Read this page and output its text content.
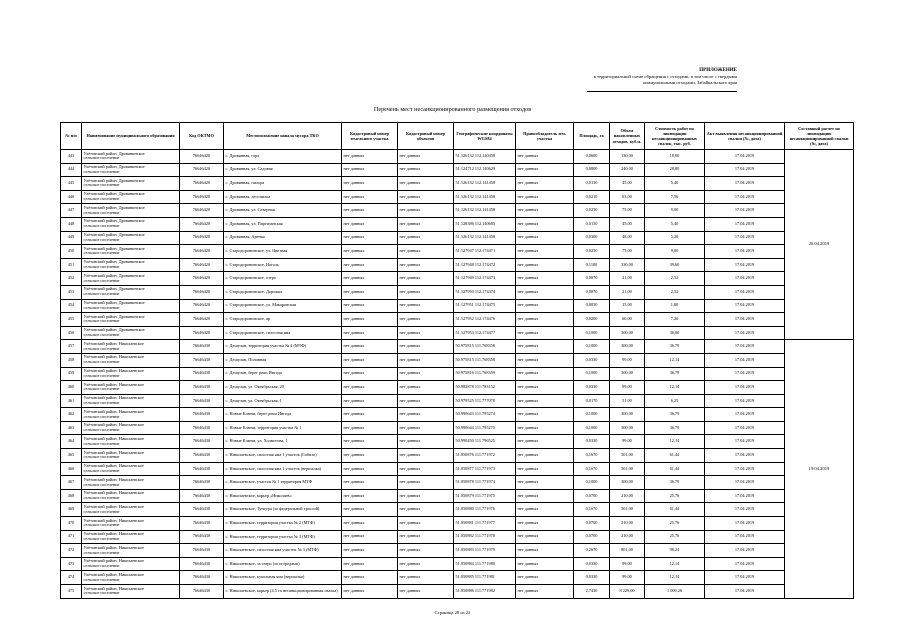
ПРИЛОЖЕНИЕ
к территориальной схеме обращения с отходами, в том числе с твердыми
коммунальными отходами, Забайкальского края
Перечень мест несанкционированного размещения отходов
№ п/п	Наименование муниципального образования	Код ОКТМО	Местоположение навала мусора ТКО	Кадастровый номер земельного участка	Кадастровый номер объектов	Географические координаты WGS84	Правообладатель зем. участка	Площадь, га	Объем накопленных отходов, куб.м.	Стоимость работ по ликвидации несанкционированных свалок, тыс. руб.	Акт выявления несанкционированной свалки (№, дата)	Составный расчет на ликвидацию несанкционированной свалки (№, дата)
443	Улётовский район, Дровянинское
сельское поселение	76646420	с. Дровянная, гора	нет данных	нет данных	51.126132 112.140458	нет данных	0,0600	130,00	18,00	17.04.2019	26.04.2019
444	Улётовский район, Дровянинское
сельское поселение	76646420	с. Дровянная, ул. Садовая	нет данных	нет данных	51.124712 112.140629	нет данных	0,0800	240,00	28,80	17.04.2019	
445	Улётовский район, Дровянинское
сельское поселение	76646420	с. Дровянная, пилора	нет данных	нет данных	51.126132 112.141458	нет данных	0,0150	45,00	5,40	17.04.2019	
446	Улётовский район, Дровянинское
сельское поселение	76646420	с. Дровянная, лесопилка	нет данных	нет данных	51.126132 112.141458	нет данных	0,0210	63,00	7,56	17.04.2019	
447	Улётовский район, Дровянинское
сельское поселение	76646420	с. Дровянная, ул. Северная	нет данных	нет данных	51.126132 112.141458	нет данных	0,0250	75,00	9,00	17.04.2019	
448	Улётовский район, Дровянинское
сельское поселение	76646420	с. Дровянная, ул. Партизанская	нет данных	нет данных	51.128386 112.140685	нет данных	0,0150	45,00	5,40	17.04.2019	
449	Улётовский район, Дровянинское
сельское поселение	76646420	с. Дровянная, Аренка	нет данных	нет данных	51.126132 112.141458	нет данных	0,0300	48,00	5,20	17.04.2019	
450	Улётовский район, Дровянинское
сельское поселение	76646420	с. Стародоронинское, ул. Цветная	нет данных	нет данных	51.127947 112.174471	нет данных	0,0250	75,00	9,00	17.04.2019	
451	Улётовский район, Дровянинское
сельское поселение	76646420	с. Стародоронинское, Наголь	нет данных	нет данных	51.127948 112.174472	нет данных	0,1100	330,00	39,60	17.04.2019	
452	Улётовский район, Дровянинское
сельское поселение	76646420	с. Стародоронинское, озеро	нет данных	нет данных	51.127949 112.174473	нет данных	0,0070	21,00	2,52	17.04.2019	
453	Улётовский район, Дровянинское
сельское поселение	76646420	с. Стародоронинское, Дорожка	нет данных	нет данных	51.127950 112.174474	нет данных	0,0070	21,00	2,52	17.04.2019	
454	Улётовский район, Дровянинское
сельское поселение	76646420	с. Стародоронинское, ул. Макаровская	нет данных	нет данных	51.127951 112.174475	нет данных	0,0050	15,00	1,80	17.04.2019	
455	Улётовский район, Дровянинское
сельское поселение	76646420	с. Стародоронинское, яр	нет данных	нет данных	51.127952 112.174476	нет данных	0,0200	60,00	7,20	17.04.2019	
456	Улётовский район, Дровянинское
сельское поселение	76646420	с. Стародоронинское, силосная яма	нет данных	нет данных	51.127953 112.174477	нет данных	0,1000	300,00	36,00	17.04.2019	
457	Улётовский район, Николаевское
сельское поселение	76646430	с. Дешулан, территория участка № 4 (МТФ)	нет данных	нет данных	50.975815 111.768358	нет данных	0,1000	300,00	36,79	17.04.2019	19.04.2019
458	Улётовский район, Николаевское
сельское поселение	76646430	с. Дешулан, Поливная	нет данных	нет данных	50.975815 111.768358	нет данных	0,0330	99,00	12,14	17.04.2019	
459	Улётовский район, Николаевское
сельское поселение	76646430	с. Дешулан, берег реки Ингода	нет данных	нет данных	50.975816 111.768359	нет данных	0,1000	300,00	36,79	17.04.2019	
460	Улётовский район, Николаевское
сельское поселение	76646430	с. Дешулан, ул. Октябрьская, 20	нет данных	нет данных	50.982878 111.783152	нет данных	0,0330	99,00	12,14	17.04.2019	
461	Улётовский район, Николаевское
сельское поселение	76646430	с. Дешулан, ул. Октябрьская, 1	нет данных	нет данных	50.979525 111.777078	нет данных	0,0170	51,00	6,25	17.04.2019	
462	Улётовский район, Николаевское
сельское поселение	76646430	с. Новые Ключи, берег реки Ингода	нет данных	нет данных	50.990643 111.795274	нет данных	0,1000	300,00	36,79	17.04.2019	
463	Улётовский район, Николаевское
сельское поселение	76646430	с. Новые Ключи, территория участка № 1	нет данных	нет данных	50.990644 111.795275	нет данных	0,1000	300,00	36,79	17.04.2019	
464	Улётовский район, Николаевское
сельское поселение	76646430	с. Новые Ключи, ул. Холмогова, 1	нет данных	нет данных	50.990450 111.796525	нет данных	0,0330	99,00	12,14	17.04.2019	
465	Улётовский район, Николаевское
сельское поселение	76646430	с. Николаевское, силосная яма 1 участок (Гибизо)	нет данных	нет данных	51.050876 111.771972	нет данных	0,1670	501,00	61,44	17.04.2019	
466	Улётовский район, Николаевское
сельское поселение	76646430	с. Николаевское, силосная яма 1 участок (вершалка)	нет данных	нет данных	51.050877 111.771973	нет данных	0,1670	501,00	61,44	17.04.2019	
467	Улётовский район, Николаевское
сельское поселение	76646430	с. Николаевское, участок № 1 территория МТФ	нет данных	нет данных	51.050878 111.771974	нет данных	0,1000	300,00	36,79	17.04.2019	
468	Улётовский район, Николаевское
сельское поселение	76646430	с. Николаевское, карьер «Николаев»	нет данных	нет данных	51.050879 111.771975	нет данных	0,0700	210,00	25,76	17.04.2019	
469	Улётовский район, Николаевское
сельское поселение	76646430	с. Николаевское, Тунгура (за федеральной трассой)	нет данных	нет данных	51.050880 111.771976	нет данных	0,1670	501,00	61,44	17.04.2019	
470	Улётовский район, Николаевское
сельское поселение	76646430	с. Николаевское, территория участка № 2 (МТФ)	нет данных	нет данных	51.050881 111.771977	нет данных	0,0700	210,00	25,76	17.04.2019	
471	Улётовский район, Николаевское
сельское поселение	76646430	с. Николаевское, территория участка № 3 (МТФ)	нет данных	нет данных	51.050882 111.771978	нет данных	0,0700	210,00	25,76	17.04.2019	
472	Улётовский район, Николаевское
сельское поселение	76646430	с. Николаевское, силосная яма участок № 3 (МТФ)	нет данных	нет данных	51.050883 111.771979	нет данных	0,2670	801,00	98,24	17.04.2019	
473	Улётовский район, Николаевское
сельское поселение	76646430	с. Николаевское, за озеро (за огородами)	нет данных	нет данных	51.050884 111.771980	нет данных	0,0330	99,00	12,14	17.04.2019	
474	Улётовский район, Николаевское
сельское поселение	76646430	с. Николаевское, кукольная яма (вершалка)	нет данных	нет данных	51.050885 111.771981	нет данных	0,0330	99,00	12,14	17.04.2019	
475	Улётовский район, Николаевское
сельское поселение	76646430	с. Николаевское, карьер (4,5 га несанкционированная свалка)	нет данных	нет данных	51.050886 111.771982	нет данных	2,7430	8 229,00	1 009,26	17.04.2019	
Страница 28 из 22
